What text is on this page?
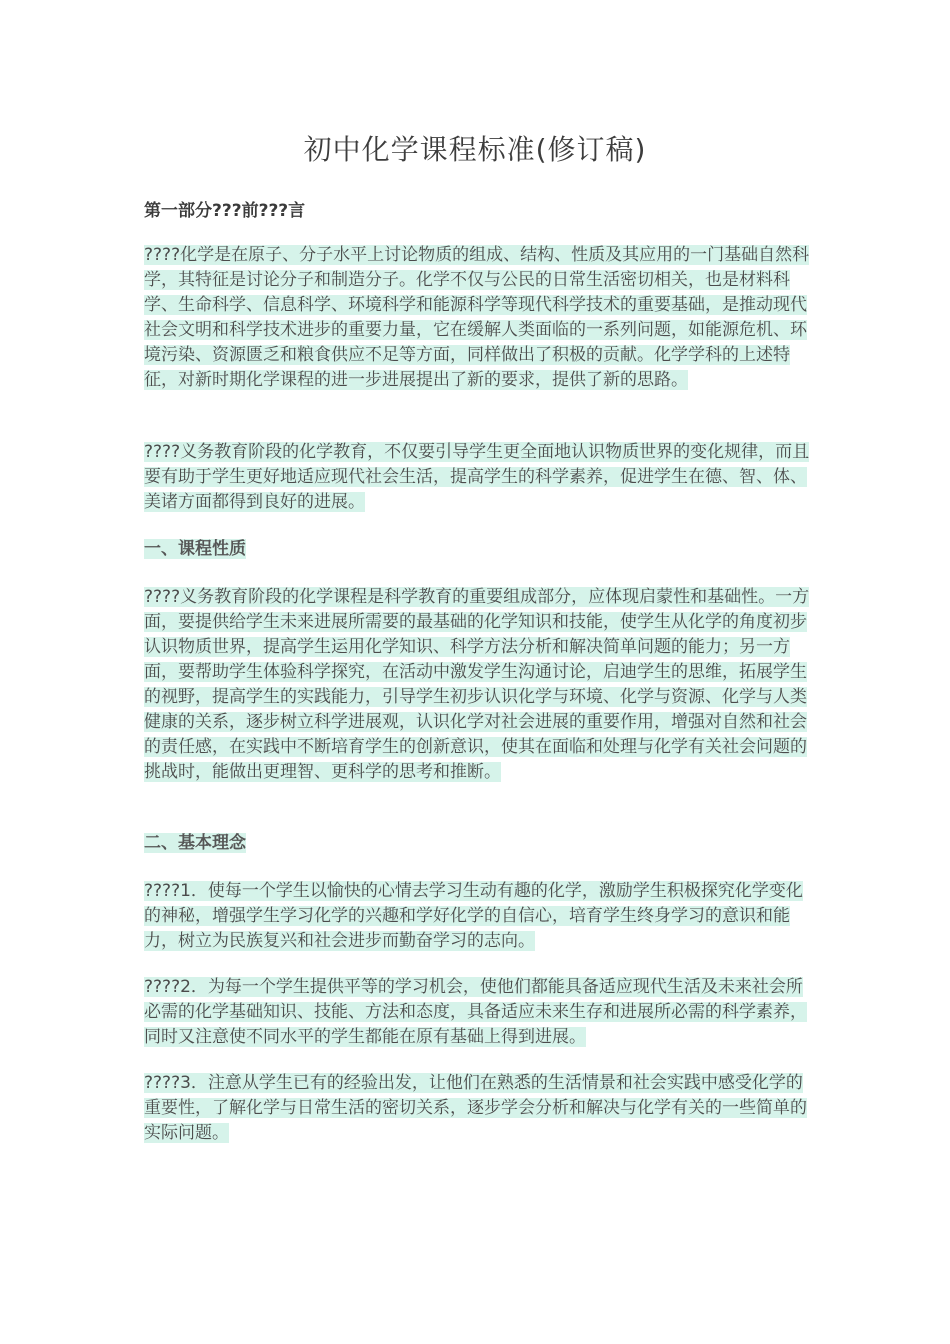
初中化学课程标准(修订稿)
第一部分???前???言
????化学是在原子、分子水平上讨论物质的组成、结构、性质及其应用的一门基础自然科学，其特征是讨论分子和制造分子。化学不仅与公民的日常生活密切相关，也是材料科学、生命科学、信息科学、环境科学和能源科学等现代科学技术的重要基础，是推动现代社会文明和科学技术进步的重要力量，它在缓解人类面临的一系列问题，如能源危机、环境污染、资源匮乏和粮食供应不足等方面，同样做出了积极的贡献。化学学科的上述特征，对新时期化学课程的进一步进展提出了新的要求，提供了新的思路。
????义务教育阶段的化学教育，不仅要引导学生更全面地认识物质世界的变化规律，而且要有助于学生更好地适应现代社会生活，提高学生的科学素养，促进学生在德、智、体、美诸方面都得到良好的进展。
一、课程性质
????义务教育阶段的化学课程是科学教育的重要组成部分，应体现启蒙性和基础性。一方面，要提供给学生未来进展所需要的最基础的化学知识和技能，使学生从化学的角度初步认识物质世界，提高学生运用化学知识、科学方法分析和解决简单问题的能力；另一方面，要帮助学生体验科学探究，在活动中激发学生沟通讨论，启迪学生的思维，拓展学生的视野，提高学生的实践能力，引导学生初步认识化学与环境、化学与资源、化学与人类健康的关系，逐步树立科学进展观，认识化学对社会进展的重要作用，增强对自然和社会的责任感，在实践中不断培育学生的创新意识，使其在面临和处理与化学有关社会问题的挑战时，能做出更理智、更科学的思考和推断。
二、基本理念
????1．使每一个学生以愉快的心情去学习生动有趣的化学，激励学生积极探究化学变化的神秘，增强学生学习化学的兴趣和学好化学的自信心，培育学生终身学习的意识和能力，树立为民族复兴和社会进步而勤奋学习的志向。
????2．为每一个学生提供平等的学习机会，使他们都能具备适应现代生活及未来社会所必需的化学基础知识、技能、方法和态度，具备适应未来生存和进展所必需的科学素养，同时又注意使不同水平的学生都能在原有基础上得到进展。
????3．注意从学生已有的经验出发，让他们在熟悉的生活情景和社会实践中感受化学的重要性，了解化学与日常生活的密切关系，逐步学会分析和解决与化学有关的一些简单的实际问题。
